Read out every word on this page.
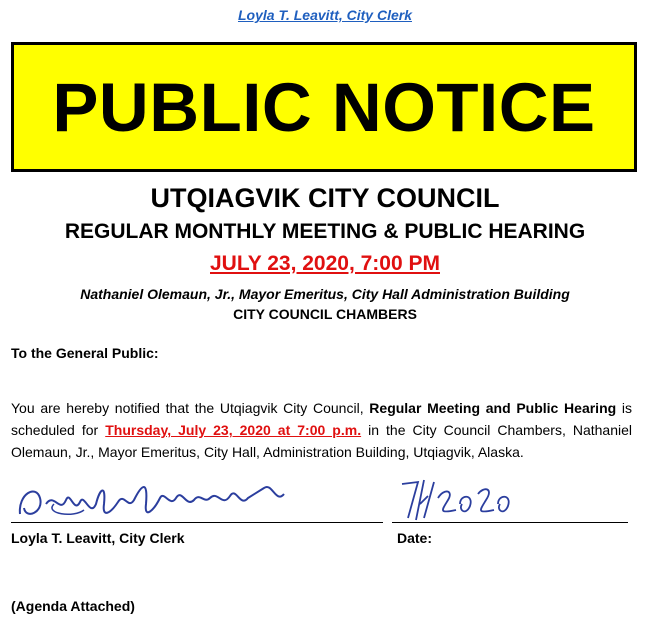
Loyla T. Leavitt, City Clerk
PUBLIC NOTICE
UTQIAGVIK CITY COUNCIL
REGULAR MONTHLY MEETING & PUBLIC HEARING
JULY 23, 2020, 7:00 PM
Nathaniel Olemaun, Jr., Mayor Emeritus, City Hall Administration Building
CITY COUNCIL CHAMBERS
To the General Public:
You are hereby notified that the Utqiagvik City Council, Regular Meeting and Public Hearing is scheduled for Thursday, July 23, 2020 at 7:00 p.m. in the City Council Chambers, Nathaniel Olemaun, Jr., Mayor Emeritus, City Hall, Administration Building, Utqiagvik, Alaska.
Loyla T. Leavitt, City Clerk	Date:
(Agenda Attached)
